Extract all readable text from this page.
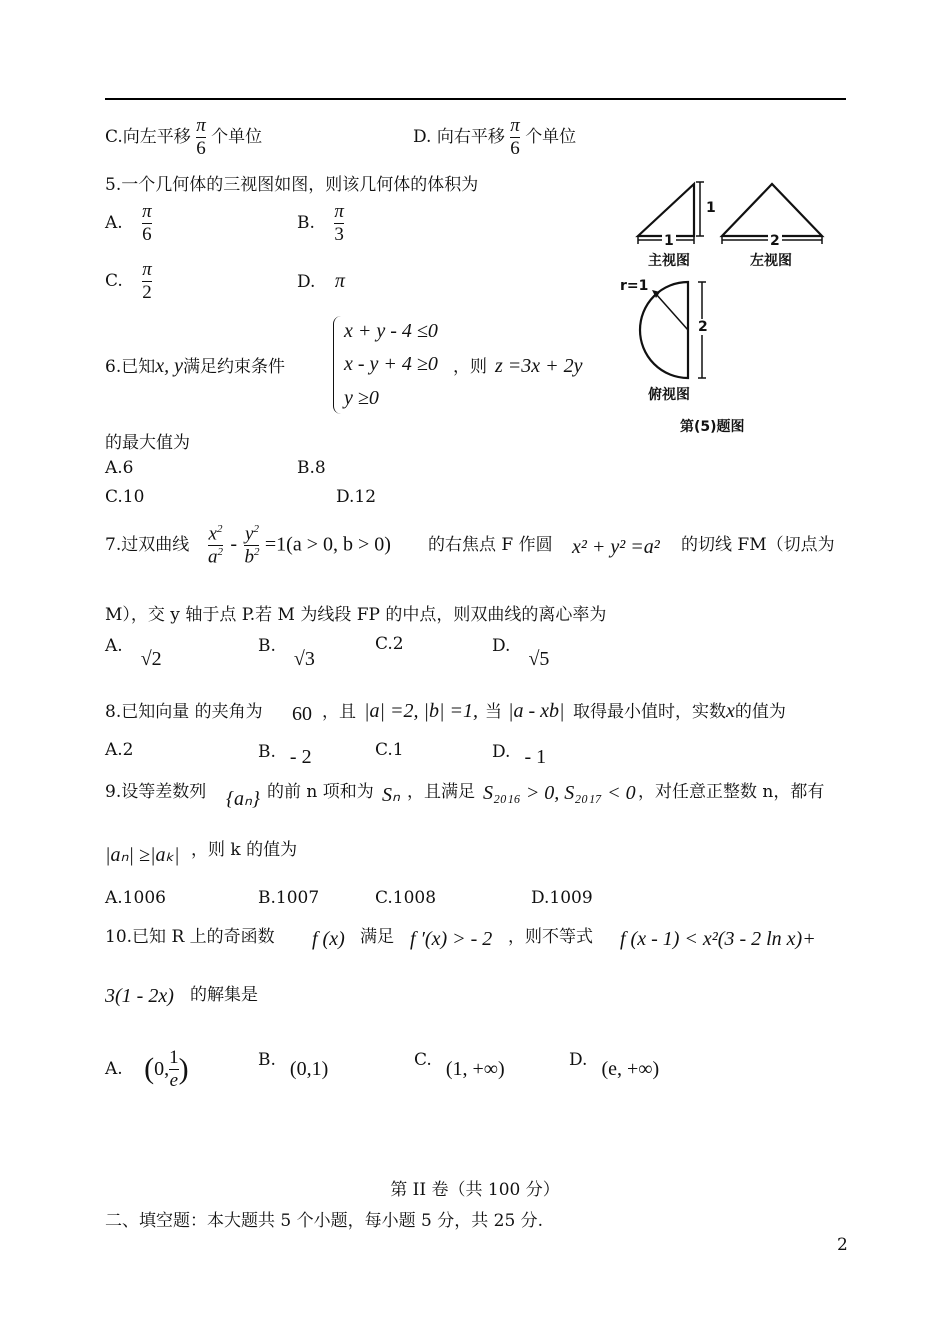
C.向左平移 $\frac{\pi}{6}$ 个单位	D. 向右平移 $\frac{\pi}{6}$ 个单位
5.一个几何体的三视图如图，则该几何体的体积为
A. $\frac{\pi}{6}$	B. $\frac{\pi}{3}$
C. $\frac{\pi}{2}$	D. π	r=1
1
1	2
2
主视图	左视图
俯视图
第(5)题图
6.已知x, y满足约束条件
x + y - 4 ≤0
x - y + 4 ≥0
y ≥0
，则 z =3x + 2y
的最大值为
A.6	B.8
C.10	D.12
7.过双曲线 $\frac{x^2}{a^2} - \frac{y^2}{b^2} =1(a > 0$, b > 0) 的右焦点 F 作圆 x² + y² =a² 的切线 FM（切点为
M），交 y 轴于点 P.若 M 为线段 FP 的中点，则双曲线的离心率为
A.√2
B.√3
C.2	D.√5
8.已知向量 的夹角为 60 ，且 |a| =2, |b| =1, 当 |a - xb| 取得最小值时，实数x的值为
A.2	B. - 2	C.1	D. - 1
9.设等差数列 {aₙ} 的前 n 项和为 Sₙ ，且满足 S₂₀₁₆ > 0, S₂₀₁₇ < 0 ，对任意正整数 n，都有
|aₙ| ≥|aₖ| ，则 k 的值为
A.1006	B.1007	C.1008	D.1009
10.已知 R 上的奇函数 f (x) 满足 f ′(x) > - 2 ，则不等式 f (x - 1) < x²(3 - 2 ln x)+
3(1 - 2x) 的解集是
A. (0, $\frac{1}{e}$ )	B. (0,1)	C. (1, +∞)	D. (e, +∞)
第 II 卷（共 100 分）
二、填空题：本大题共 5 个小题，每小题 5 分，共 25 分.
2
